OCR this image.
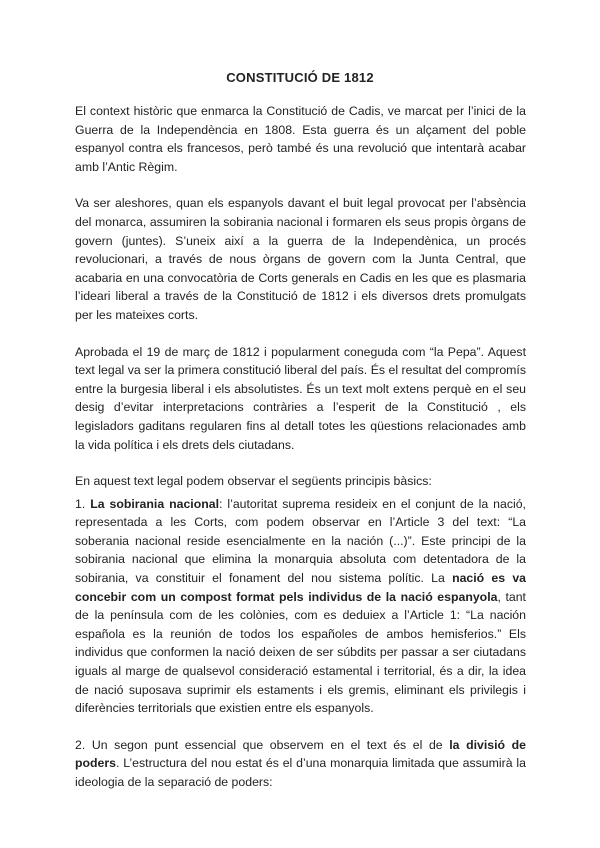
CONSTITUCIÓ DE 1812

El context històric que enmarca la Constitució de Cadis, ve marcat per l’inici de la Guerra de la Independència en 1808. Esta guerra és un alçament del poble espanyol contra els francesos, però també és una revolució que intentarà acabar amb l’Antic Règim.

Va ser aleshores, quan els espanyols davant el buit legal provocat per l’absència del monarca, assumiren la sobirania nacional i formaren els seus propis òrgans de govern (juntes). S’uneix així a la guerra de la Independènica, un procés revolucionari, a través de nous òrgans de govern com la Junta Central, que acabaria en una convocatòria de Corts generals en Cadis en les que es plasmaria l’ideari liberal a través de la Constitució de 1812 i els diversos drets promulgats per les mateixes corts.

Aprobada el 19 de març de 1812 i popularment coneguda com “la Pepa”. Aquest text legal va ser la primera constitució liberal del país. És el resultat del compromís entre la burgesia liberal i els absolutistes. És un text molt extens perquè en el seu desig d’evitar interpretacions contràries a l’esperit de la Constitució , els legisladors gaditans regularen fins al detall totes les qüestions relacionades amb la vida política i els drets dels ciutadans.

En aquest text legal podem observar el següents principis bàsics:

1. La sobirania nacional: l’autoritat suprema resideix en el conjunt de la nació, representada a les Corts, com podem observar en l’Article 3 del text: “La soberania nacional reside esencialmente en la nación (...)”. Este principi de la sobirania nacional que elimina la monarquia absoluta com detentadora de la sobirania, va constituir el fonament del nou sistema polític. La nació es va concebir com un compost format pels individus de la nació espanyola, tant de la península com de les colònies, com es deduiex a l’Article 1: “La nación española es la reunión de todos los españoles de ambos hemisferios.” Els individus que conformen la nació deixen de ser súbdits per passar a ser ciutadans iguals al marge de qualsevol consideració estamental i territorial, és a dir, la idea de nació suposava suprimir els estaments i els gremis, eliminant els privilegis i diferències territorials que existien entre els espanyols.

2. Un segon punt essencial que observem en el text és el de la divisió de poders. L’estructura del nou estat és el d’una monarquia limitada que assumirà la ideologia de la separació de poders:
